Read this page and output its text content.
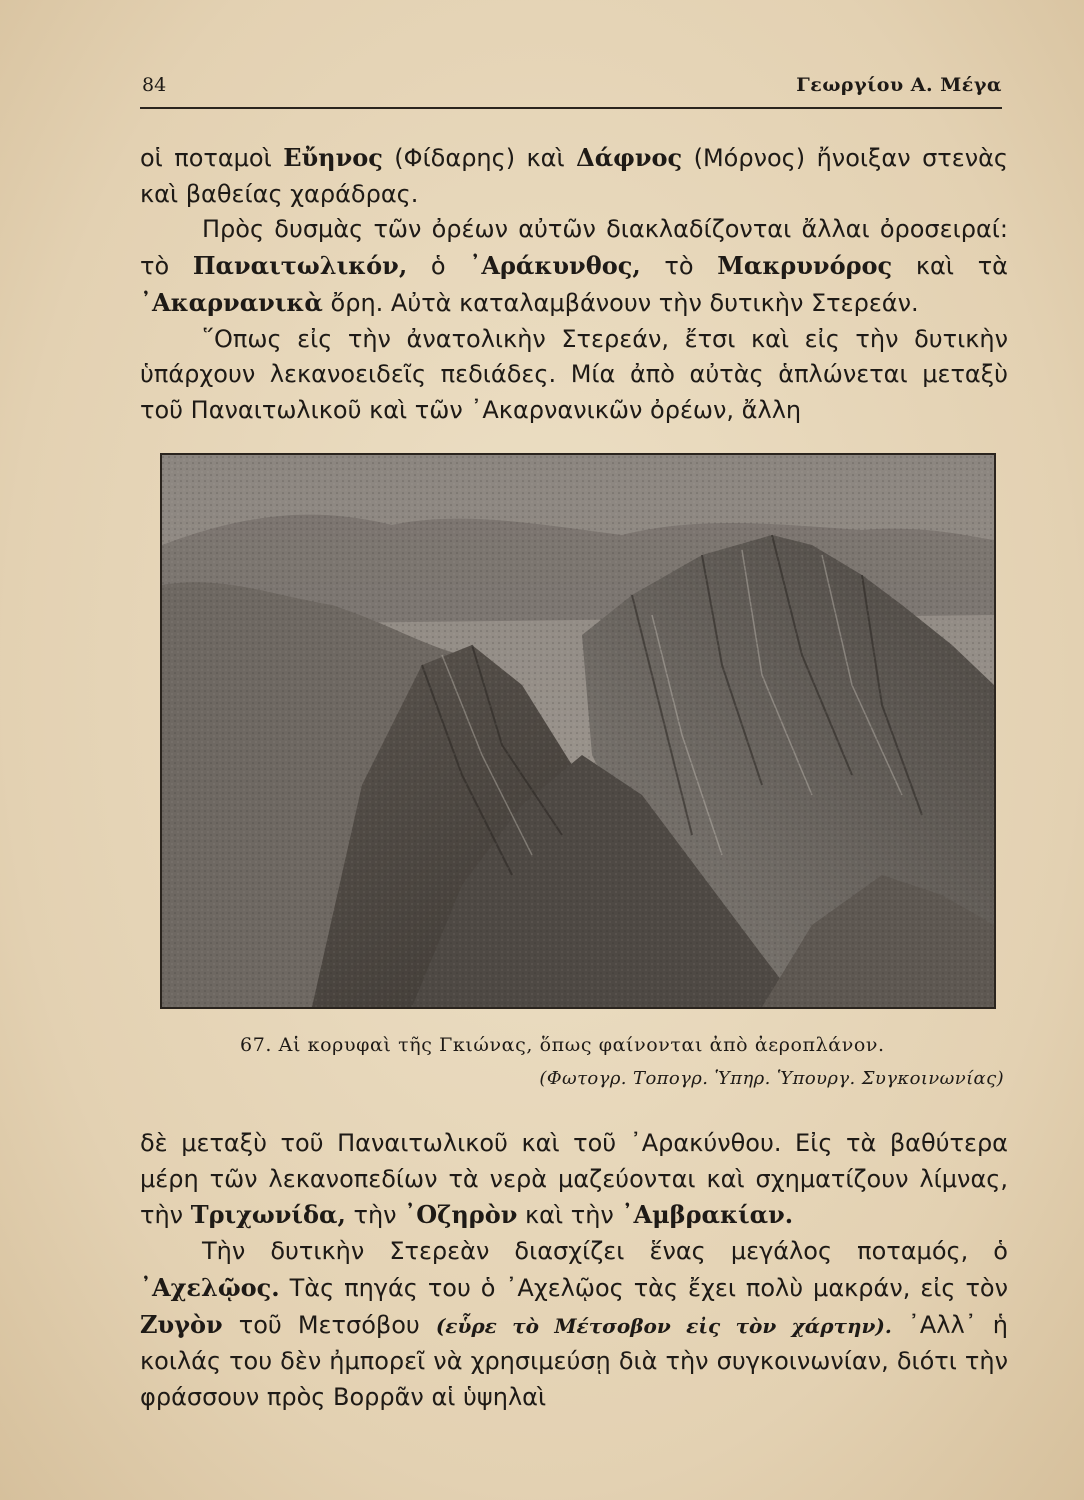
84	Γεωργίου Α. Μέγα

οἱ ποταμοὶ Εὔηνος (Φίδαρης) καὶ Δάφνος (Μόρνος) ἤνοιξαν στενὰς καὶ βαθείας χαράδρας.

Πρὸς δυσμὰς τῶν ὀρέων αὐτῶν διακλαδίζονται ἄλλαι ὀροσειραί: τὸ Παναιτωλικόν, ὁ ᾿Αράκυνθος, τὸ Μακρυνόρος καὶ τὰ ᾿Ακαρνανικὰ ὄρη. Αὐτὰ καταλαμβάνουν τὴν δυτικὴν Στερεάν.

῞Οπως εἰς τὴν ἀνατολικὴν Στερεάν, ἔτσι καὶ εἰς τὴν δυτικὴν ὑπάρχουν λεκανοειδεῖς πεδιάδες. Μία ἀπὸ αὐτὰς ἁπλώνεται μεταξὺ τοῦ Παναιτωλικοῦ καὶ τῶν ᾿Ακαρνανικῶν ὀρέων, ἄλλη

67. Αἱ κορυφαὶ τῆς Γκιώνας, ὅπως φαίνονται ἀπὸ ἀεροπλάνον.
(Φωτογρ. Τοπογρ. Ὑπηρ. Ὑπουργ. Συγκοινωνίας)

δὲ μεταξὺ τοῦ Παναιτωλικοῦ καὶ τοῦ ᾿Αρακύνθου. Εἰς τὰ βαθύτερα μέρη τῶν λεκανοπεδίων τὰ νερὰ μαζεύονται καὶ σχηματίζουν λίμνας, τὴν Τριχωνίδα, τὴν ᾿Οζηρὸν καὶ τὴν ᾿Αμβρακίαν.

Τὴν δυτικὴν Στερεὰν διασχίζει ἕνας μεγάλος ποταμός, ὁ ᾿Αχελῷος. Τὰς πηγάς του ὁ ᾿Αχελῷος τὰς ἔχει πολὺ μακράν, εἰς τὸν Ζυγὸν τοῦ Μετσόβου (εὗρε τὸ Μέτσοβον εἰς τὸν χάρτην). ᾿Αλλ᾿ ἡ κοιλάς του δὲν ἠμπορεῖ νὰ χρησιμεύσῃ διὰ τὴν συγκοινωνίαν, διότι τὴν φράσσουν πρὸς Βορρᾶν αἱ ὑψηλαὶ
